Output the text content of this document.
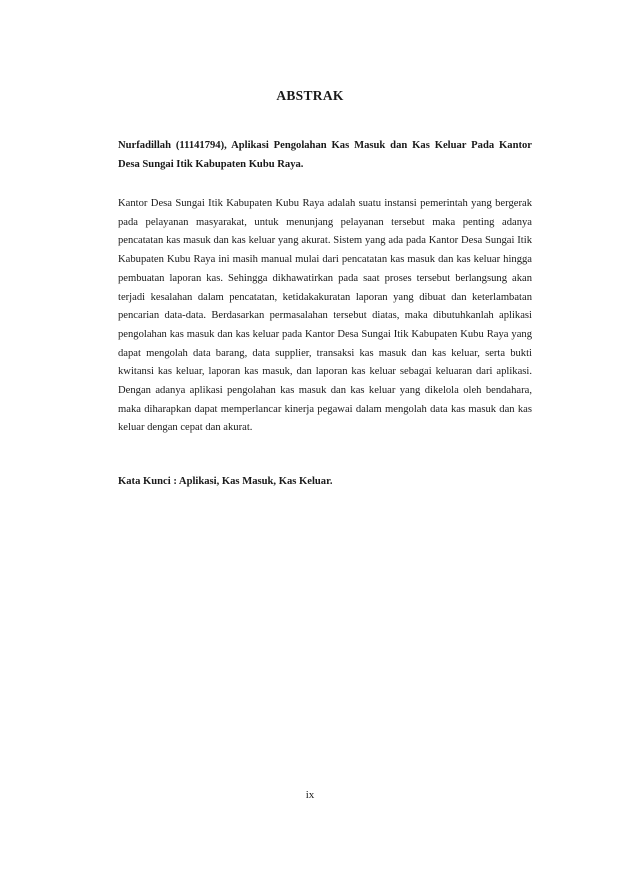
ABSTRAK
Nurfadillah (11141794), Aplikasi Pengolahan Kas Masuk dan Kas Keluar Pada Kantor Desa Sungai Itik Kabupaten Kubu Raya.

Kantor Desa Sungai Itik Kabupaten Kubu Raya adalah suatu instansi pemerintah yang bergerak pada pelayanan masyarakat, untuk menunjang pelayanan tersebut maka penting adanya pencatatan kas masuk dan kas keluar yang akurat. Sistem yang ada pada Kantor Desa Sungai Itik Kabupaten Kubu Raya ini masih manual mulai dari pencatatan kas masuk dan kas keluar hingga pembuatan laporan kas. Sehingga dikhawatirkan pada saat proses tersebut berlangsung akan terjadi kesalahan dalam pencatatan, ketidakakuratan laporan yang dibuat dan keterlambatan pencarian data-data. Berdasarkan permasalahan tersebut diatas, maka dibutuhkanlah aplikasi pengolahan kas masuk dan kas keluar pada Kantor Desa Sungai Itik Kabupaten Kubu Raya yang dapat mengolah data barang, data supplier, transaksi kas masuk dan kas keluar, serta bukti kwitansi kas keluar, laporan kas masuk, dan laporan kas keluar sebagai keluaran dari aplikasi. Dengan adanya aplikasi pengolahan kas masuk dan kas keluar yang dikelola oleh bendahara, maka diharapkan dapat memperlancar kinerja pegawai dalam mengolah data kas masuk dan kas keluar dengan cepat dan akurat.

Kata Kunci : Aplikasi, Kas Masuk, Kas Keluar.
ix
